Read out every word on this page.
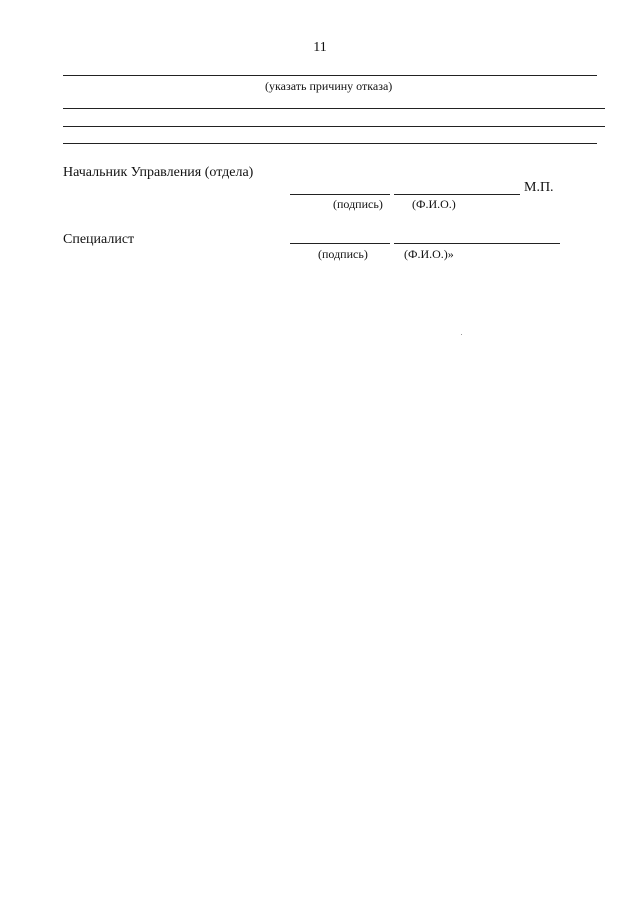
11
(указать причину отказа)
Начальник Управления (отдела)
М.П.
(подпись) (Ф.И.О.)
Специалист
(подпись)	(Ф.И.О.)»
